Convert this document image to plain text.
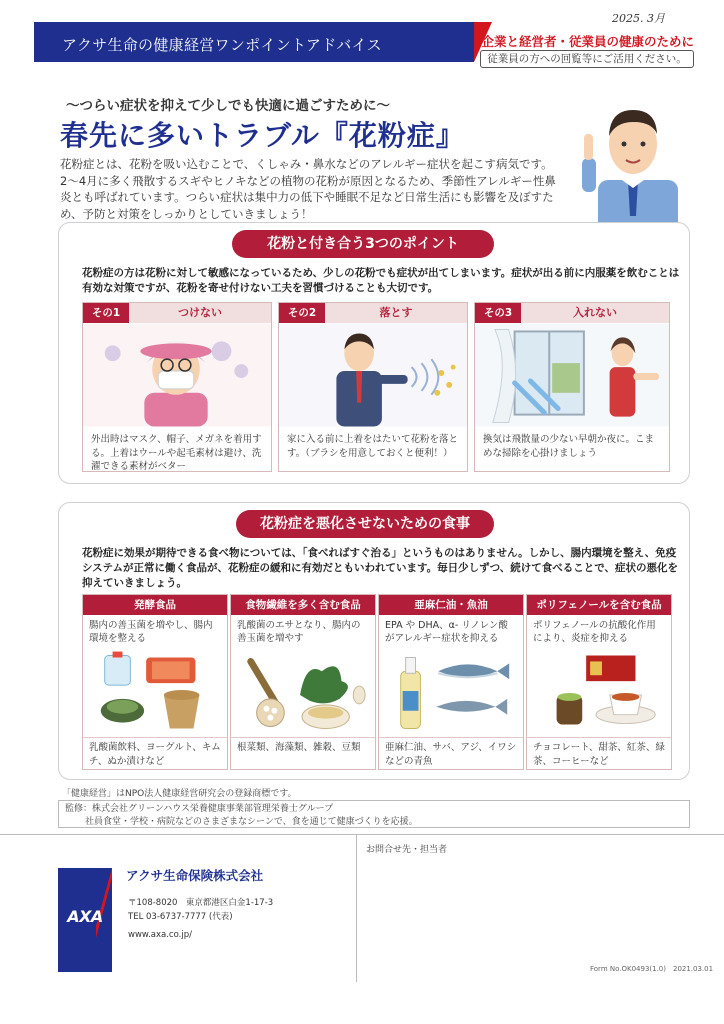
アクサ生命の健康経営ワンポイントアドバイス
2025. 3月
企業と経営者・従業員の健康のために
従業員の方への回覧等にご活用ください。
〜つらい症状を抑えて少しでも快適に過ごすために〜
春先に多いトラブル『花粉症』
花粉症とは、花粉を吸い込むことで、くしゃみ・鼻水などのアレルギー症状を起こす病気です。2〜4月に多く飛散するスギやヒノキなどの植物の花粉が原因となるため、季節性アレルギー性鼻炎とも呼ばれています。つらい症状は集中力の低下や睡眠不足など日常生活にも影響を及ぼすため、予防と対策をしっかりとしていきましょう！
花粉と付き合う3つのポイント
花粉症の方は花粉に対して敏感になっているため、少しの花粉でも症状が出てしまいます。症状が出る前に内服薬を飲むことは有効な対策ですが、花粉を寄せ付けない工夫を習慣づけることも大切です。
その1	つけない
外出時はマスク、帽子、メガネを着用する。上着はウールや起毛素材は避け、洗濯できる素材がベター
その2	落とす
家に入る前に上着をはたいて花粉を落とす。（ブラシを用意しておくと便利！）
その3	入れない
換気は飛散量の少ない早朝か夜に。こまめな掃除を心掛けましょう
花粉症を悪化させないための食事
花粉症に効果が期待できる食べ物については、「食べればすぐ治る」というものはありません。しかし、腸内環境を整え、免疫システムが正常に働く食品が、花粉症の緩和に有効だともいわれています。毎日少しずつ、続けて食べることで、症状の悪化を抑えていきましょう。
発酵食品
腸内の善玉菌を増やし、腸内環境を整える
乳酸菌飲料、ヨーグルト、キムチ、ぬか漬けなど
食物繊維を多く含む食品
乳酸菌のエサとなり、腸内の善玉菌を増やす
根菜類、海藻類、雑穀、豆類
亜麻仁油・魚油
EPA や DHA、α- リノレン酸がアレルギー症状を抑える
亜麻仁油、サバ、アジ、イワシなどの青魚
ポリフェノールを含む食品
ポリフェノールの抗酸化作用により、炎症を抑える
チョコレート、甜茶、紅茶、緑茶、コーヒーなど
「健康経営」はNPO法人健康経営研究会の登録商標です。
監修：株式会社グリーンハウス栄養健康事業部管理栄養士グループ
社員食堂・学校・病院などのさまざまなシーンで、食を通じて健康づくりを応援。
お問合せ先・担当者
AXA
アクサ生命保険株式会社
〒108-8020　東京都港区白金1-17-3
TEL 03-6737-7777 (代表)
www.axa.co.jp/
Form No.OK0493(1.0)　2021.03.01
